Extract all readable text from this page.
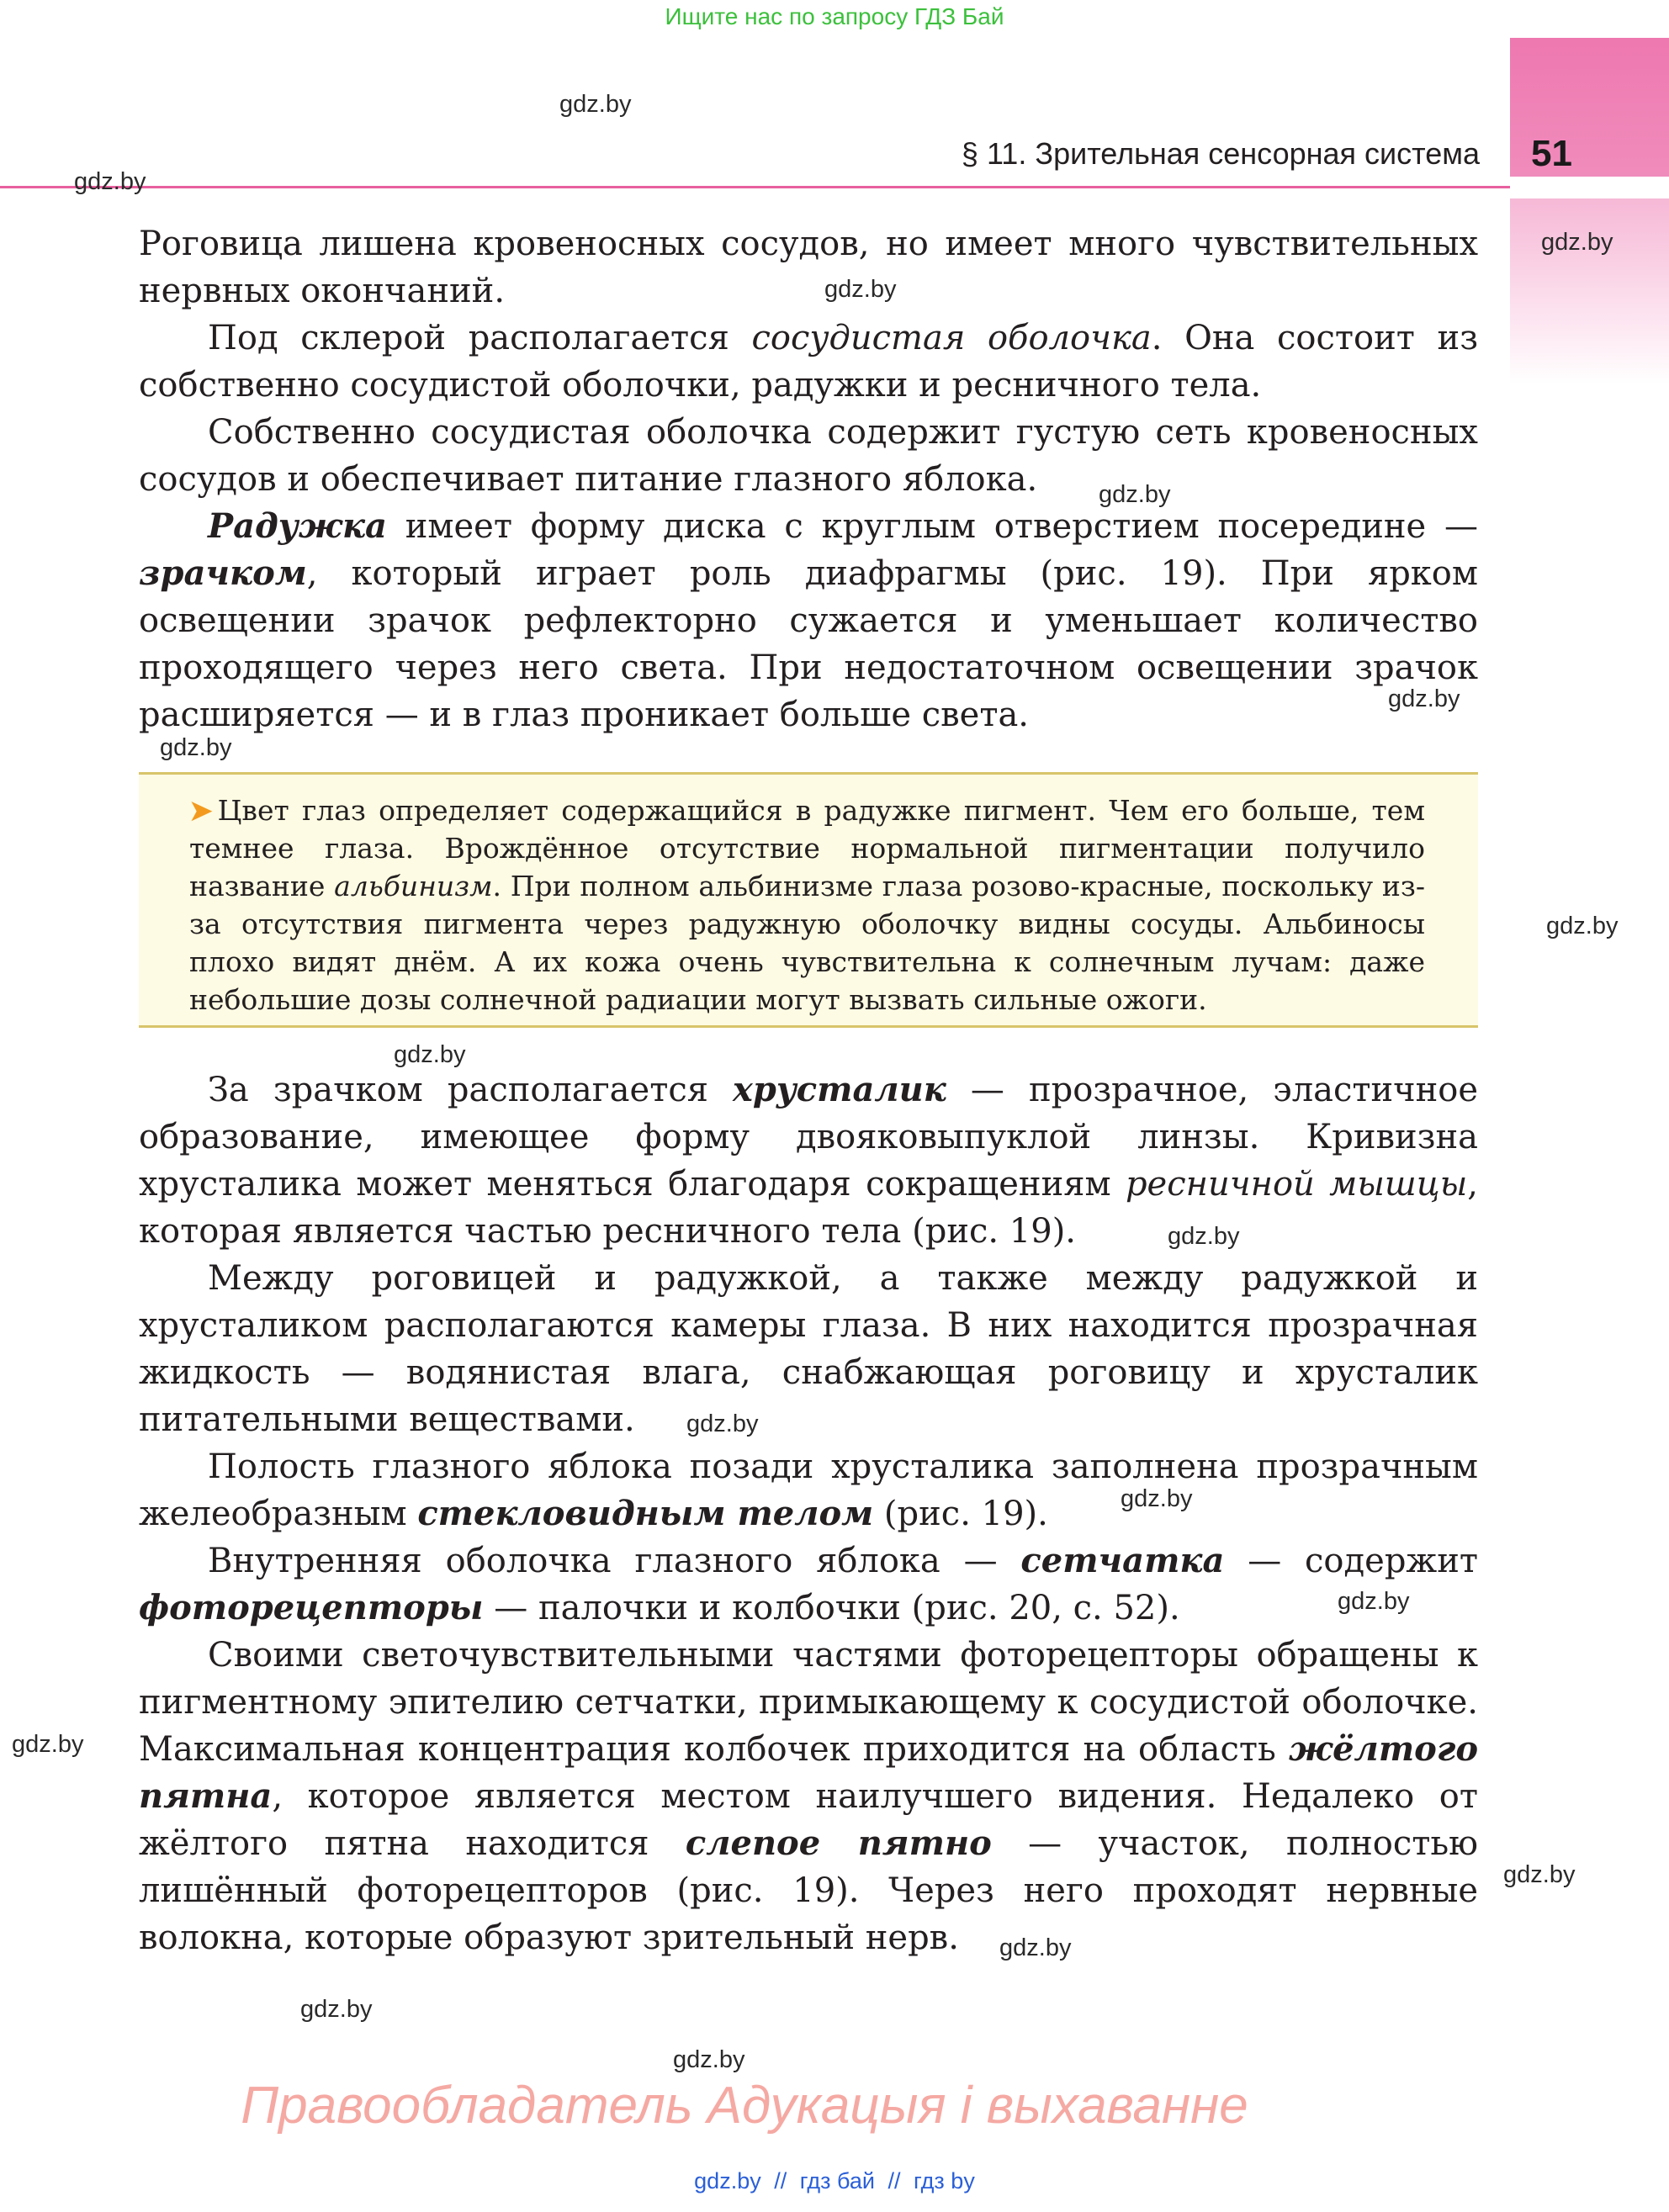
Ищите нас по запросу ГДЗ Бай
51
§ 11. Зрительная сенсорная система
gdz.by
gdz.by
gdz.by
gdz.by
gdz.by
gdz.by
gdz.by
gdz.by
gdz.by
gdz.by
gdz.by
gdz.by
gdz.by
gdz.by
gdz.by
gdz.by
gdz.by
gdz.by

Роговица лишена кровеносных сосудов, но имеет много чувствительных нервных окончаний.

Под склерой располагается сосудистая оболочка. Она состоит из собственно сосудистой оболочки, радужки и ресничного тела.

Собственно сосудистая оболочка содержит густую сеть кровеносных сосудов и обеспечивает питание глазного яблока.

Радужка имеет форму диска с круглым отверстием посередине — зрачком, который играет роль диафрагмы (рис. 19). При ярком освещении зрачок рефлекторно сужается и уменьшает количество проходящего через него света. При недостаточном освещении зрачок расширяется — и в глаз проникает больше света.

➤ Цвет глаз определяет содержащийся в радужке пигмент. Чем его больше, тем темнее глаза. Врождённое отсутствие нормальной пигментации получило название альбинизм. При полном альбинизме глаза розово-красные, поскольку из-за отсутствия пигмента через радужную оболочку видны сосуды. Альбиносы плохо видят днём. А их кожа очень чувствительна к солнечным лучам: даже небольшие дозы солнечной радиации могут вызвать сильные ожоги.

За зрачком располагается хрусталик — прозрачное, эластичное образование, имеющее форму двояковыпуклой линзы. Кривизна хрусталика может меняться благодаря сокращениям ресничной мышцы, которая является частью ресничного тела (рис. 19).

Между роговицей и радужкой, а также между радужкой и хрусталиком располагаются камеры глаза. В них находится прозрачная жидкость — водянистая влага, снабжающая роговицу и хрусталик питательными веществами.

Полость глазного яблока позади хрусталика заполнена прозрачным желеобразным стекловидным телом (рис. 19).

Внутренняя оболочка глазного яблока — сетчатка — содержит фоторецепторы — палочки и колбочки (рис. 20, с. 52).

Своими светочувствительными частями фоторецепторы обращены к пигментному эпителию сетчатки, примыкающему к сосудистой оболочке. Максимальная концентрация колбочек приходится на область жёлтого пятна, которое является местом наилучшего видения. Недалеко от жёлтого пятна находится слепое пятно — участок, полностью лишённый фоторецепторов (рис. 19). Через него проходят нервные волокна, которые образуют зрительный нерв.

Правообладатель Адукацыя і выхаванне
gdz.by // гдз бай // гдз by
